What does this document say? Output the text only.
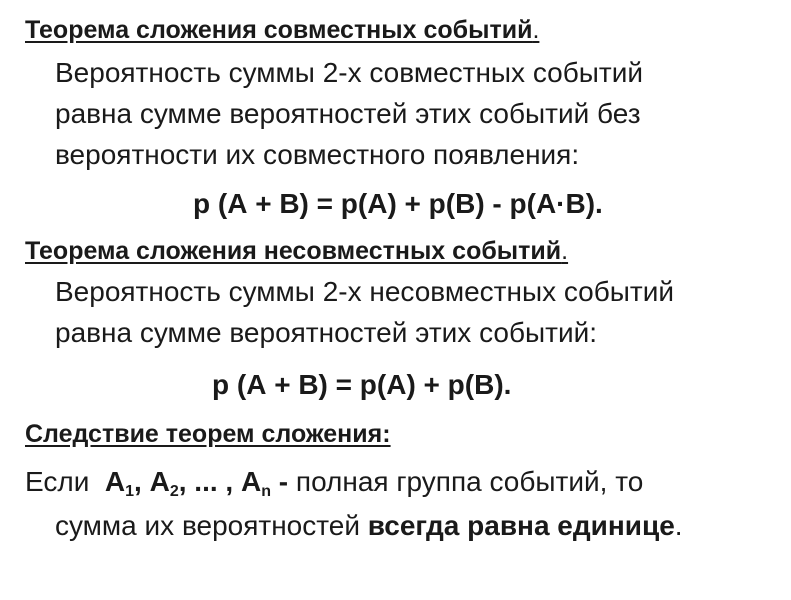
Теорема сложения совместных событий.
Вероятность суммы 2-х совместных событий
равна сумме вероятностей этих событий без
вероятности их совместного появления:
р (А + В) = р(А) + р(В) - р(А·В).
Теорема сложения несовместных событий.
Вероятность суммы 2-х несовместных событий
равна сумме вероятностей этих событий:
р (А + В) = р(А) + р(В).
Следствие теорем сложения:
Если $А_1$, $А_2$, ... , $А_n$ - полная группа событий, то
сумма их вероятностей всегда равна единице.
